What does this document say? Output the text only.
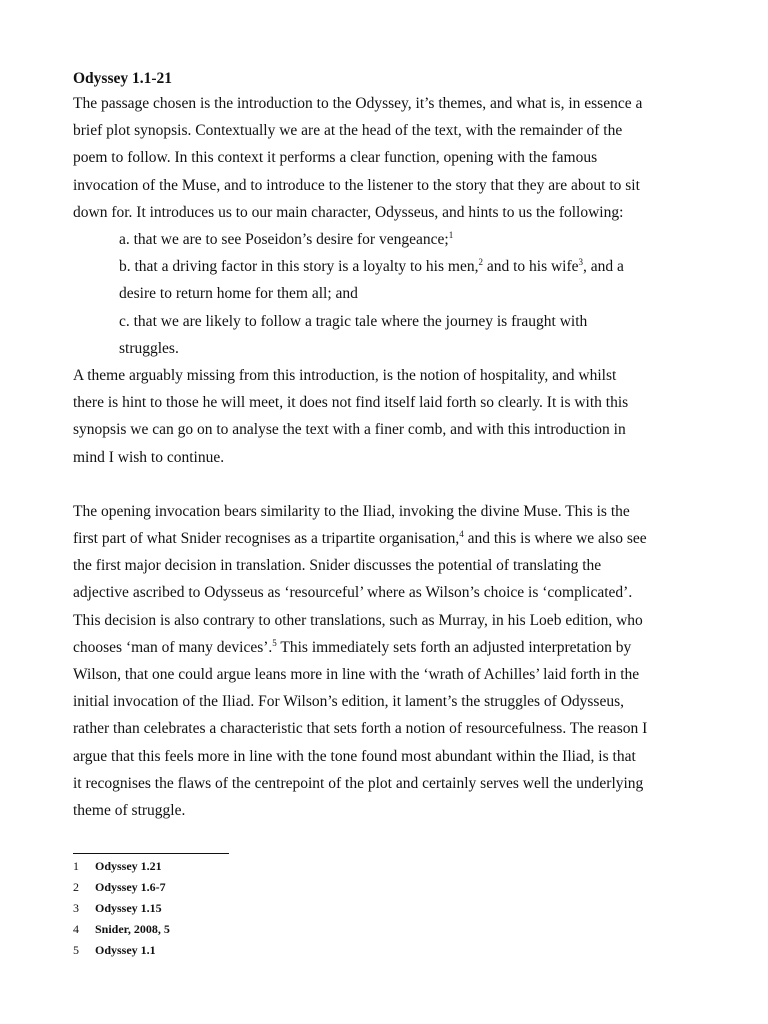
Odyssey 1.1-21

The passage chosen is the introduction to the Odyssey, it’s themes, and what is, in essence a
brief plot synopsis. Contextually we are at the head of the text, with the remainder of the
poem to follow. In this context it performs a clear function, opening with the famous
invocation of the Muse, and to introduce to the listener to the story that they are about to sit
down for. It introduces us to our main character, Odysseus, and hints to us the following:

a. that we are to see Poseidon’s desire for vengeance;$^1$
b. that a driving factor in this story is a loyalty to his men,$^2$ and to his wife$^3$, and a
desire to return home for them all; and
c. that we are likely to follow a tragic tale where the journey is fraught with
struggles.

A theme arguably missing from this introduction, is the notion of hospitality, and whilst
there is hint to those he will meet, it does not find itself laid forth so clearly. It is with this
synopsis we can go on to analyse the text with a finer comb, and with this introduction in
mind I wish to continue.

The opening invocation bears similarity to the Iliad, invoking the divine Muse. This is the
first part of what Snider recognises as a tripartite organisation,$^4$ and this is where we also see
the first major decision in translation. Snider discusses the potential of translating the
adjective ascribed to Odysseus as ‘resourceful’ where as Wilson’s choice is ‘complicated’.
This decision is also contrary to other translations, such as Murray, in his Loeb edition, who
chooses ‘man of many devices’.$^5$ This immediately sets forth an adjusted interpretation by
Wilson, that one could argue leans more in line with the ‘wrath of Achilles’ laid forth in the
initial invocation of the Iliad. For Wilson’s edition, it lament’s the struggles of Odysseus,
rather than celebrates a characteristic that sets forth a notion of resourcefulness. The reason I
argue that this feels more in line with the tone found most abundant within the Iliad, is that
it recognises the flaws of the centrepoint of the plot and certainly serves well the underlying
theme of struggle.

1 Odyssey 1.21
2 Odyssey 1.6-7
3 Odyssey 1.15
4 Snider, 2008, 5
5 Odyssey 1.1
